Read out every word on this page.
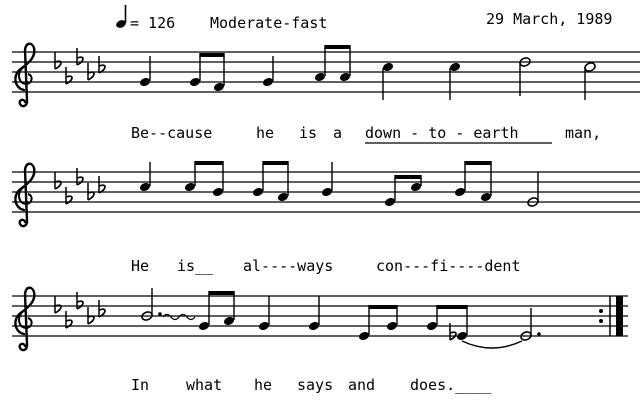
= 126 Moderate-fast	29 March, 1989
Be--cause	he is a down - to - earth	man,
He is__ al----ways	con---fi----dent
In what he says and does.____
